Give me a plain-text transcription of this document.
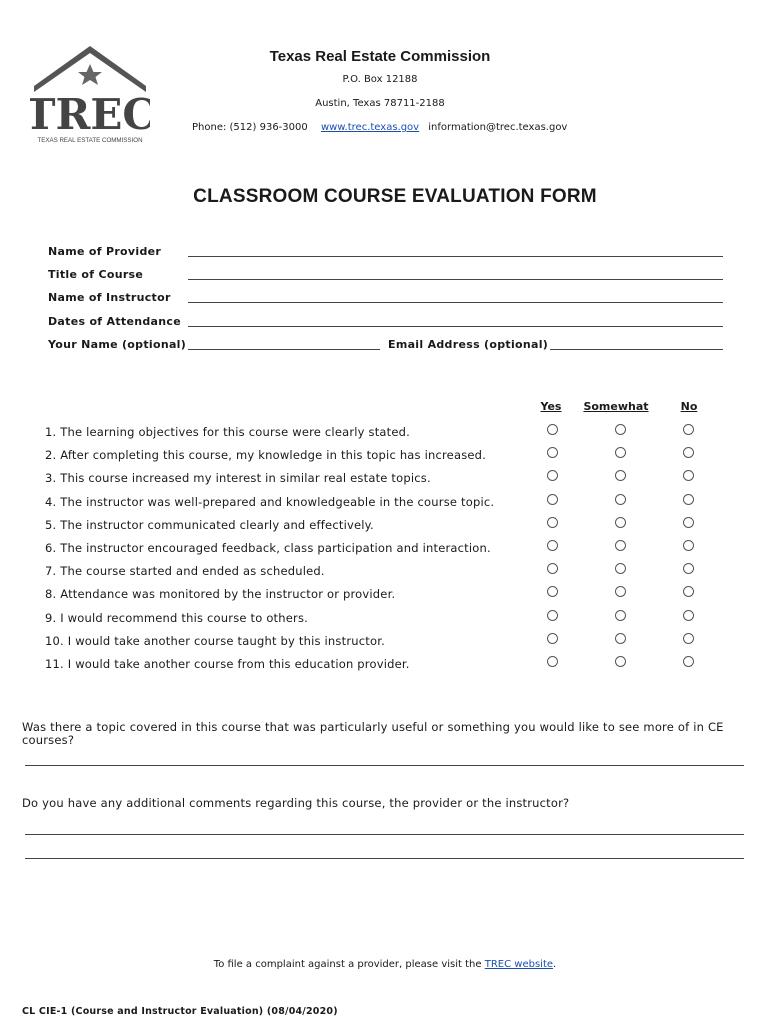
TREC
TEXAS REAL ESTATE COMMISSION
Texas Real Estate Commission
P.O. Box 12188
Austin, Texas 78711-2188
Phone: (512) 936-3000 www.trec.texas.gov information@trec.texas.gov
CLASSROOM COURSE EVALUATION FORM
Name of Provider
Title of Course
Name of Instructor
Dates of Attendance
Your Name (optional)	Email Address (optional)
Yes	Somewhat	No
1. The learning objectives for this course were clearly stated.
2. After completing this course, my knowledge in this topic has increased.
3. This course increased my interest in similar real estate topics.
4. The instructor was well-prepared and knowledgeable in the course topic.
5. The instructor communicated clearly and effectively.
6. The instructor encouraged feedback, class participation and interaction.
7. The course started and ended as scheduled.
8. Attendance was monitored by the instructor or provider.
9. I would recommend this course to others.
10. I would take another course taught by this instructor.
11. I would take another course from this education provider.
Was there a topic covered in this course that was particularly useful or something you would like to see more of in CE courses?
Do you have any additional comments regarding this course, the provider or the instructor?
To file a complaint against a provider, please visit the TREC website.
CL CIE-1 (Course and Instructor Evaluation) (08/04/2020)
